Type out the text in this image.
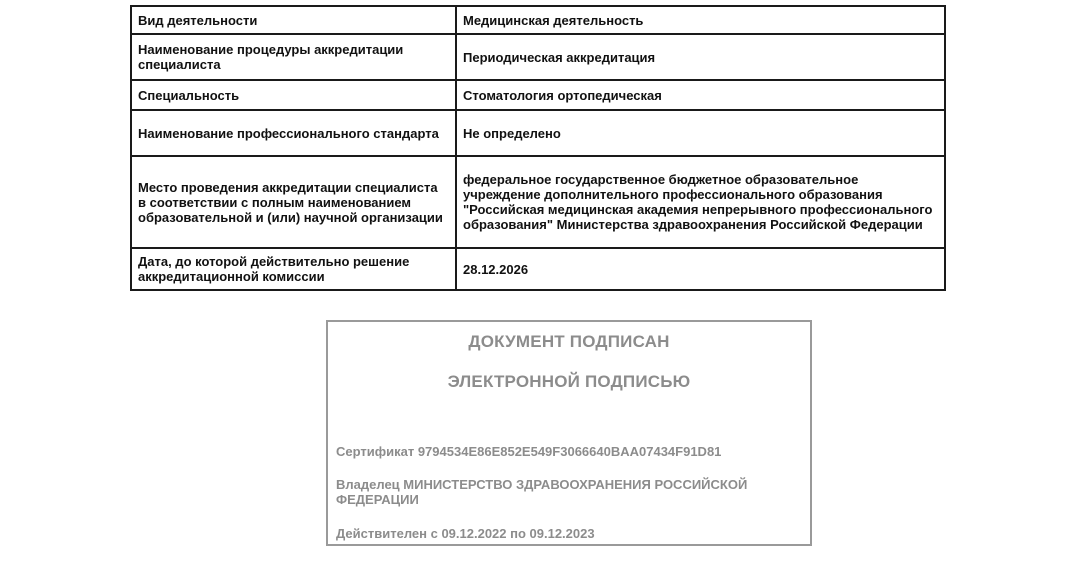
Вид деятельности	Медицинская деятельность
Наименование процедуры аккредитации специалиста	Периодическая аккредитация
Специальность	Стоматология ортопедическая
Наименование профессионального стандарта	Не определено
Место проведения аккредитации специалиста в соответствии с полным наименованием образовательной и (или) научной организации	федеральное государственное бюджетное образовательное учреждение дополнительного профессионального образования "Российская медицинская академия непрерывного профессионального образования" Министерства здравоохранения Российской Федерации
Дата, до которой действительно решение аккредитационной комиссии	28.12.2026
ДОКУМЕНТ ПОДПИСАН
ЭЛЕКТРОННОЙ ПОДПИСЬЮ
Сертификат 9794534E86E852E549F3066640BAA07434F91D81
Владелец МИНИСТЕРСТВО ЗДРАВООХРАНЕНИЯ РОССИЙСКОЙ ФЕДЕРАЦИИ
Действителен с 09.12.2022 по 09.12.2023
